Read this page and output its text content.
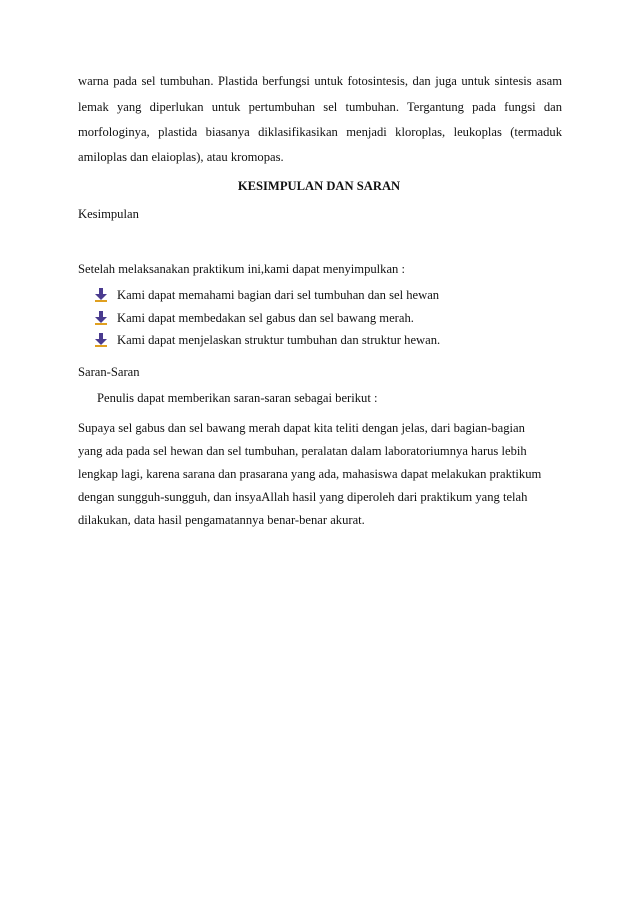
warna pada sel tumbuhan. Plastida berfungsi untuk fotosintesis, dan juga untuk sintesis asam
lemak yang diperlukan untuk pertumbuhan sel tumbuhan. Tergantung pada fungsi dan
morfologinya, plastida biasanya diklasifikasikan menjadi kloroplas, leukoplas (termaduk
amiloplas dan elaioplas), atau kromopas.
KESIMPULAN DAN SARAN
Kesimpulan
Setelah melaksanakan praktikum ini,kami dapat menyimpulkan :
Kami dapat memahami bagian dari sel tumbuhan dan sel hewan
Kami dapat membedakan sel gabus dan sel bawang merah.
Kami dapat menjelaskan struktur tumbuhan dan struktur hewan.
Saran-Saran
Penulis dapat memberikan saran-saran sebagai berikut :
Supaya sel gabus dan sel bawang merah dapat kita teliti dengan jelas, dari bagian-bagian
yang ada pada sel hewan dan sel tumbuhan, peralatan dalam laboratoriumnya harus lebih
lengkap lagi, karena sarana dan prasarana yang ada, mahasiswa dapat melakukan praktikum
dengan sungguh-sungguh, dan insyaAllah hasil yang diperoleh dari praktikum yang telah
dilakukan, data hasil pengamatannya benar-benar akurat.
